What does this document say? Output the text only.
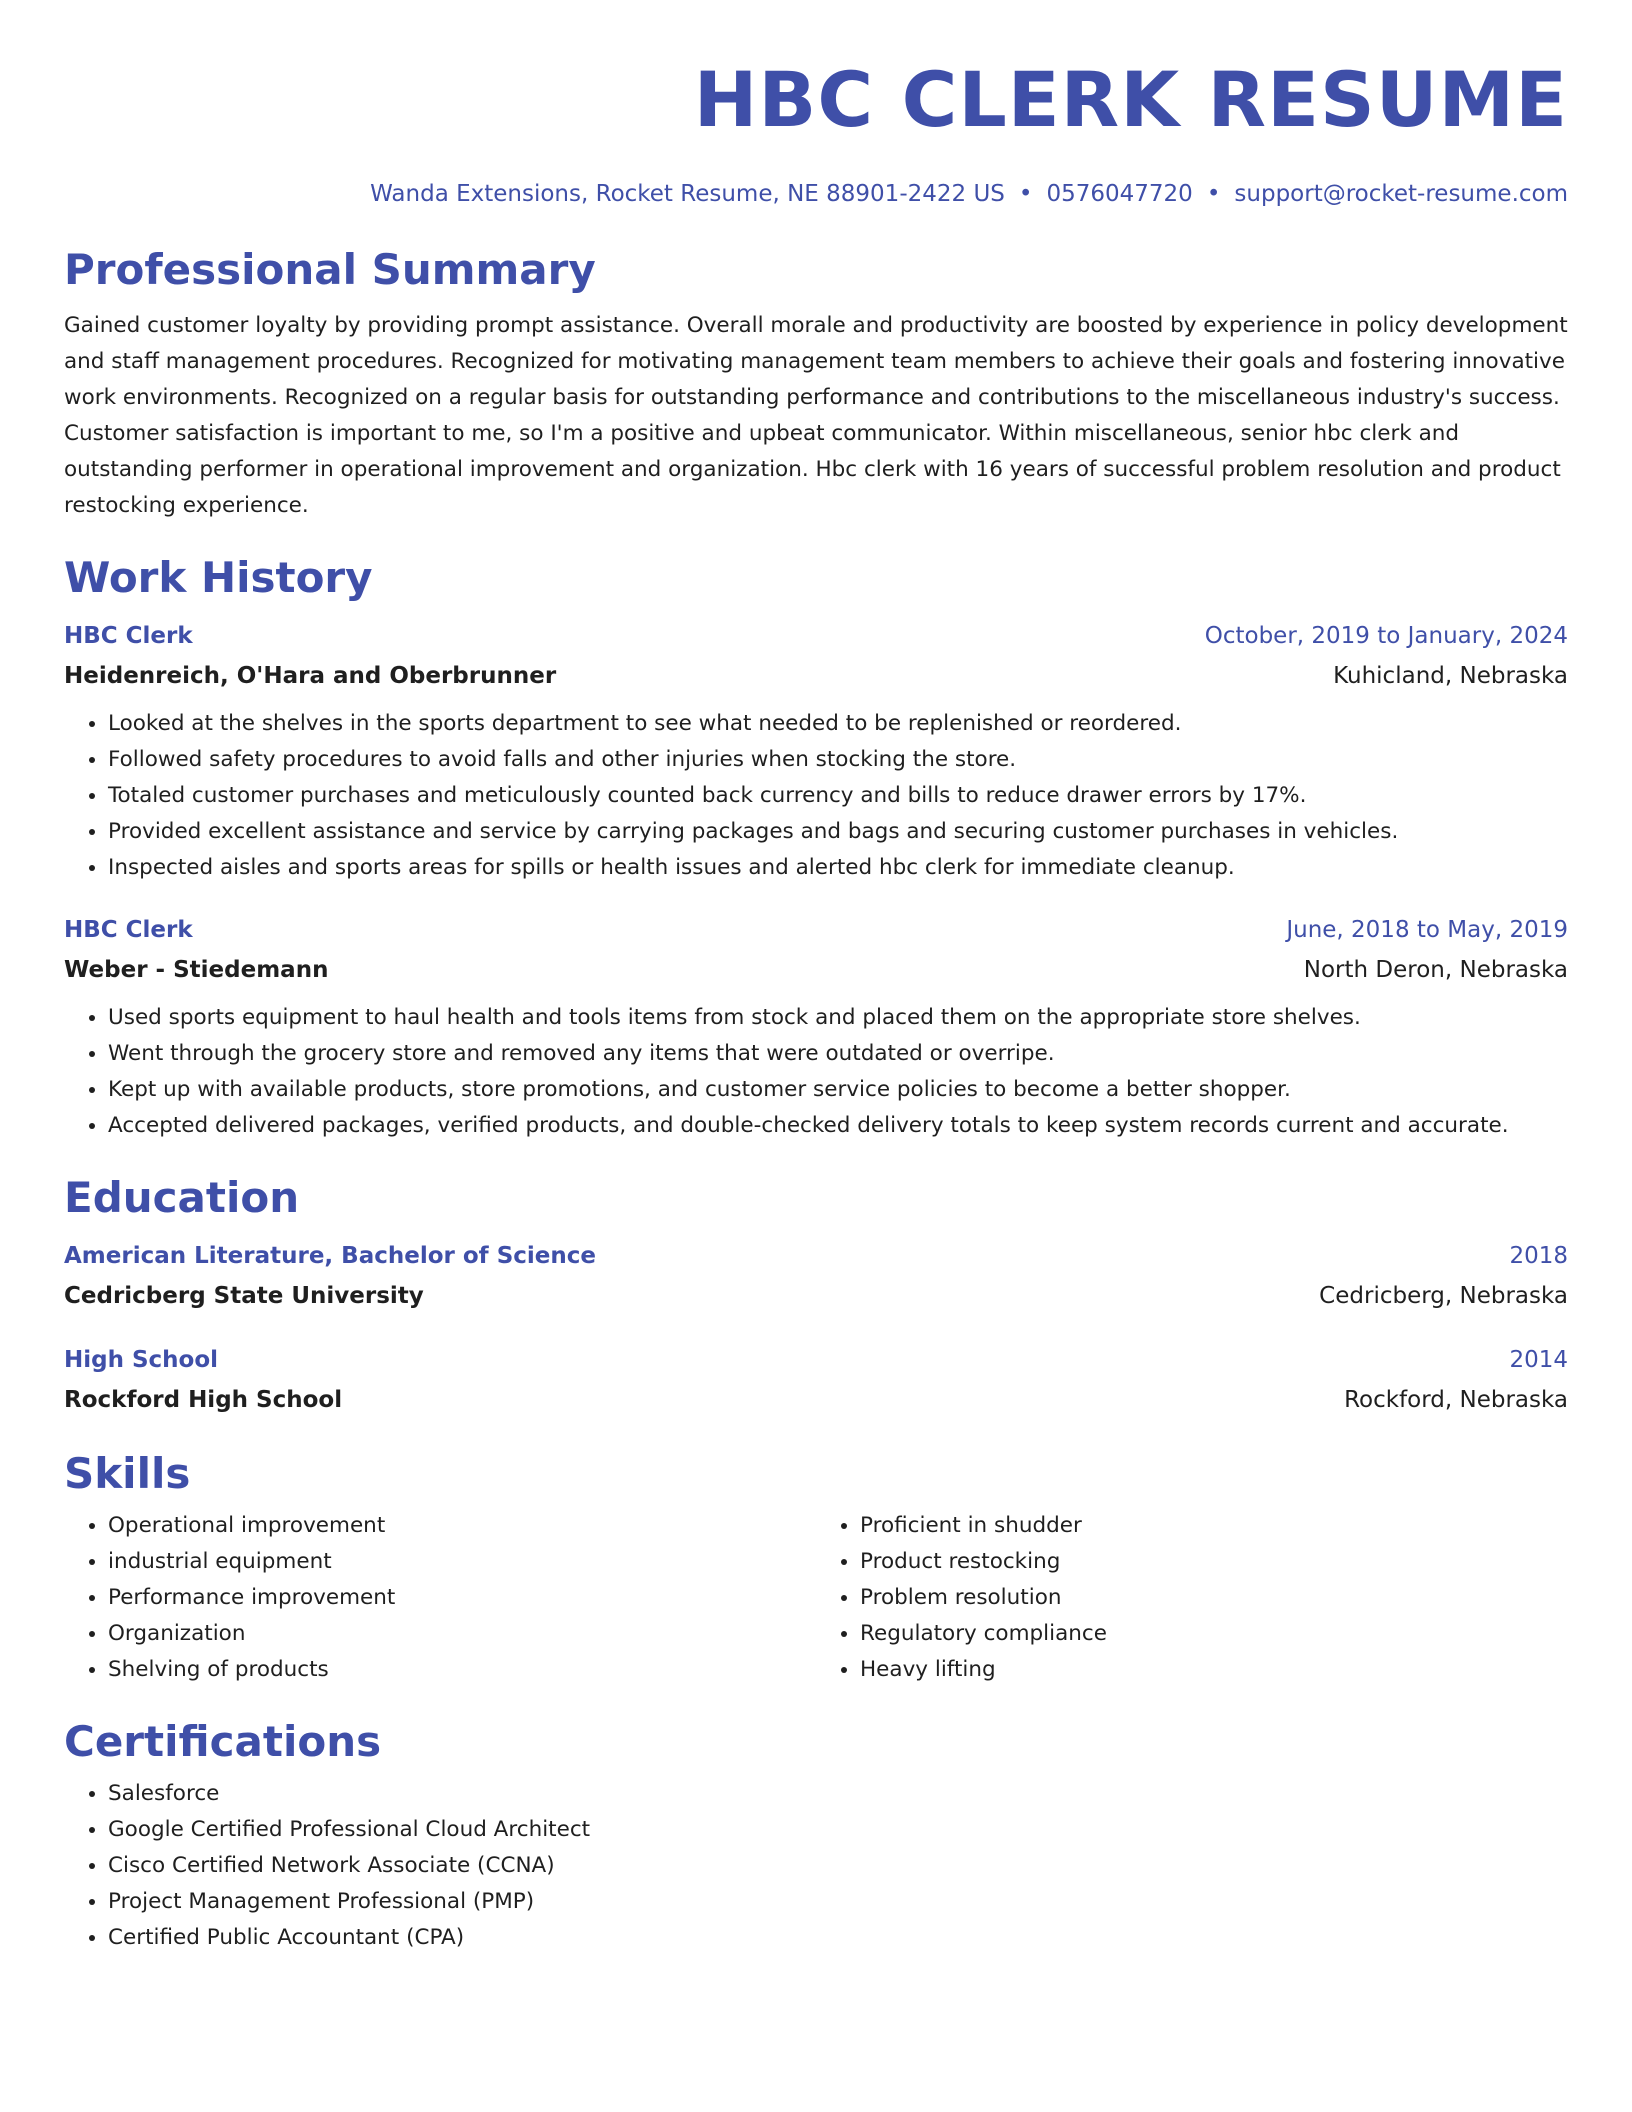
HBC CLERK RESUME
Wanda Extensions, Rocket Resume, NE 88901-2422 US • 0576047720 • support@rocket-resume.com
Professional Summary

Gained customer loyalty by providing prompt assistance. Overall morale and productivity are boosted by experience in policy development and staff management procedures. Recognized for motivating management team members to achieve their goals and fostering innovative work environments. Recognized on a regular basis for outstanding performance and contributions to the miscellaneous industry's success. Customer satisfaction is important to me, so I'm a positive and upbeat communicator. Within miscellaneous, senior hbc clerk and outstanding performer in operational improvement and organization. Hbc clerk with 16 years of successful problem resolution and product restocking experience.

Work History
HBC Clerk	October, 2019 to January, 2024
Heidenreich, O'Hara and Oberbrunner	Kuhicland, Nebraska
• Looked at the shelves in the sports department to see what needed to be replenished or reordered.
• Followed safety procedures to avoid falls and other injuries when stocking the store.
• Totaled customer purchases and meticulously counted back currency and bills to reduce drawer errors by 17%.
• Provided excellent assistance and service by carrying packages and bags and securing customer purchases in vehicles.
• Inspected aisles and sports areas for spills or health issues and alerted hbc clerk for immediate cleanup.
HBC Clerk	June, 2018 to May, 2019
Weber - Stiedemann	North Deron, Nebraska
• Used sports equipment to haul health and tools items from stock and placed them on the appropriate store shelves.
• Went through the grocery store and removed any items that were outdated or overripe.
• Kept up with available products, store promotions, and customer service policies to become a better shopper.
• Accepted delivered packages, verified products, and double-checked delivery totals to keep system records current and accurate.
Education
American Literature, Bachelor of Science	2018
Cedricberg State University	Cedricberg, Nebraska
High School	2014
Rockford High School	Rockford, Nebraska
Skills
• Operational improvement
• industrial equipment
• Performance improvement
• Organization
• Shelving of products
• Proficient in shudder
• Product restocking
• Problem resolution
• Regulatory compliance
• Heavy lifting
Certifications
• Salesforce
• Google Certified Professional Cloud Architect
• Cisco Certified Network Associate (CCNA)
• Project Management Professional (PMP)
• Certified Public Accountant (CPA)
